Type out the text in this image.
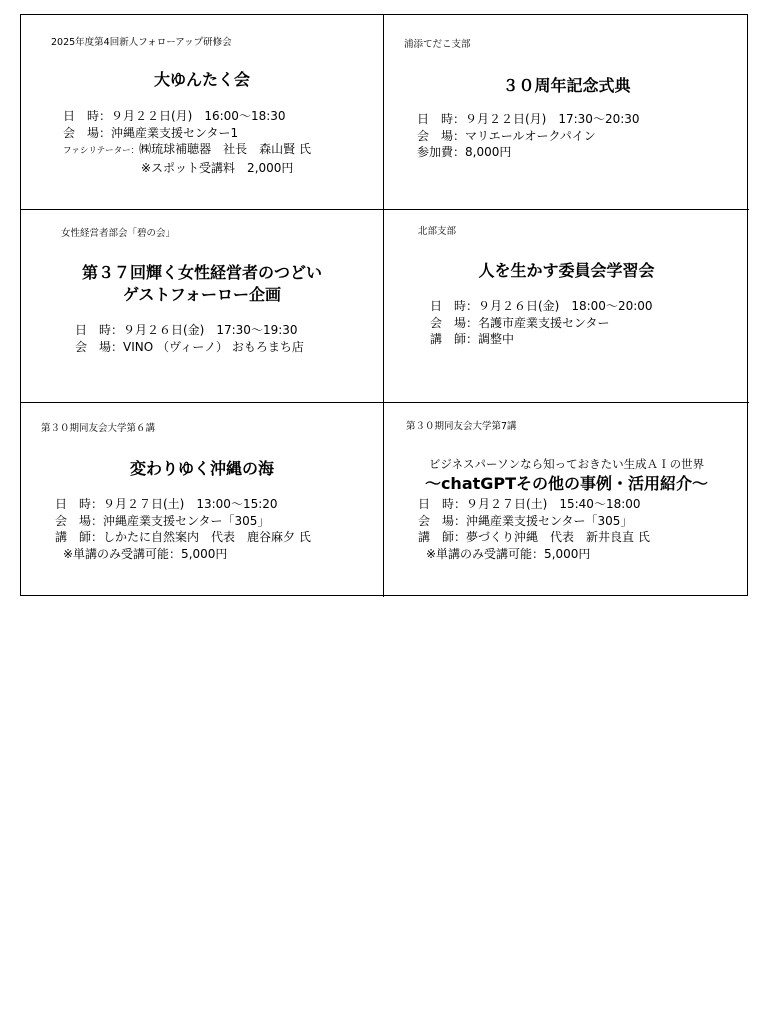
2025年度第4回新人フォローアップ研修会
大ゆんたく会
日　時：９月２２日(月)　16:00～18:30
会　場：沖縄産業支援センター1
ファシリテーター：㈱琉球補聴器　社長　森山賢 氏
※スポット受講料　2,000円
浦添てだこ支部
３０周年記念式典
日　時：９月２２日(月)　17:30～20:30
会　場：マリエールオークパイン
参加費：8,000円
女性経営者部会「碧の会」
第３７回輝く女性経営者のつどい
ゲストフォーロー企画
日　時：９月２６日(金)　17:30～19:30
会　場：VINO （ヴィーノ） おもろまち店
北部支部
人を生かす委員会学習会
日　時：９月２６日(金)　18:00～20:00
会　場：名護市産業支援センター
講　師：調整中
第３０期同友会大学第６講
変わりゆく沖縄の海
日　時：９月２７日(土)　13:00～15:20
会　場：沖縄産業支援センター「305」
講　師：しかたに自然案内　代表　鹿谷麻夕 氏
※単講のみ受講可能：5,000円
第３０期同友会大学第7講
ビジネスパーソンなら知っておきたい生成ＡＩの世界
～chatGPTその他の事例・活用紹介～
日　時：９月２７日(土)　15:40～18:00
会　場：沖縄産業支援センター「305」
講　師：夢づくり沖縄　代表　新井良直 氏
※単講のみ受講可能：5,000円
